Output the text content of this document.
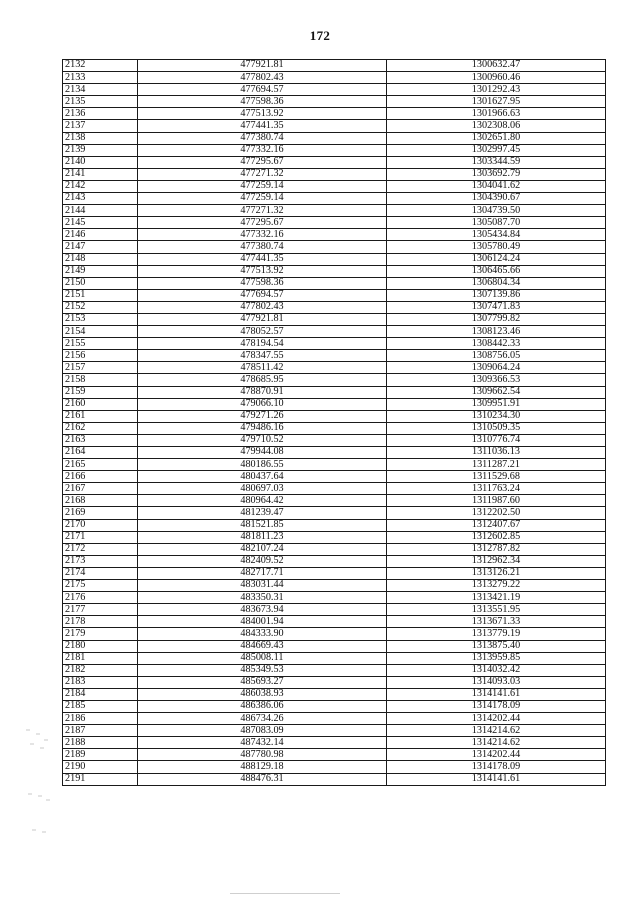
172
2132	477921.81	1300632.47
2133	477802.43	1300960.46
2134	477694.57	1301292.43
2135	477598.36	1301627.95
2136	477513.92	1301966.63
2137	477441.35	1302308.06
2138	477380.74	1302651.80
2139	477332.16	1302997.45
2140	477295.67	1303344.59
2141	477271.32	1303692.79
2142	477259.14	1304041.62
2143	477259.14	1304390.67
2144	477271.32	1304739.50
2145	477295.67	1305087.70
2146	477332.16	1305434.84
2147	477380.74	1305780.49
2148	477441.35	1306124.24
2149	477513.92	1306465.66
2150	477598.36	1306804.34
2151	477694.57	1307139.86
2152	477802.43	1307471.83
2153	477921.81	1307799.82
2154	478052.57	1308123.46
2155	478194.54	1308442.33
2156	478347.55	1308756.05
2157	478511.42	1309064.24
2158	478685.95	1309366.53
2159	478870.91	1309662.54
2160	479066.10	1309951.91
2161	479271.26	1310234.30
2162	479486.16	1310509.35
2163	479710.52	1310776.74
2164	479944.08	1311036.13
2165	480186.55	1311287.21
2166	480437.64	1311529.68
2167	480697.03	1311763.24
2168	480964.42	1311987.60
2169	481239.47	1312202.50
2170	481521.85	1312407.67
2171	481811.23	1312602.85
2172	482107.24	1312787.82
2173	482409.52	1312962.34
2174	482717.71	1313126.21
2175	483031.44	1313279.22
2176	483350.31	1313421.19
2177	483673.94	1313551.95
2178	484001.94	1313671.33
2179	484333.90	1313779.19
2180	484669.43	1313875.40
2181	485008.11	1313959.85
2182	485349.53	1314032.42
2183	485693.27	1314093.03
2184	486038.93	1314141.61
2185	486386.06	1314178.09
2186	486734.26	1314202.44
2187	487083.09	1314214.62
2188	487432.14	1314214.62
2189	487780.98	1314202.44
2190	488129.18	1314178.09
2191	488476.31	1314141.61
